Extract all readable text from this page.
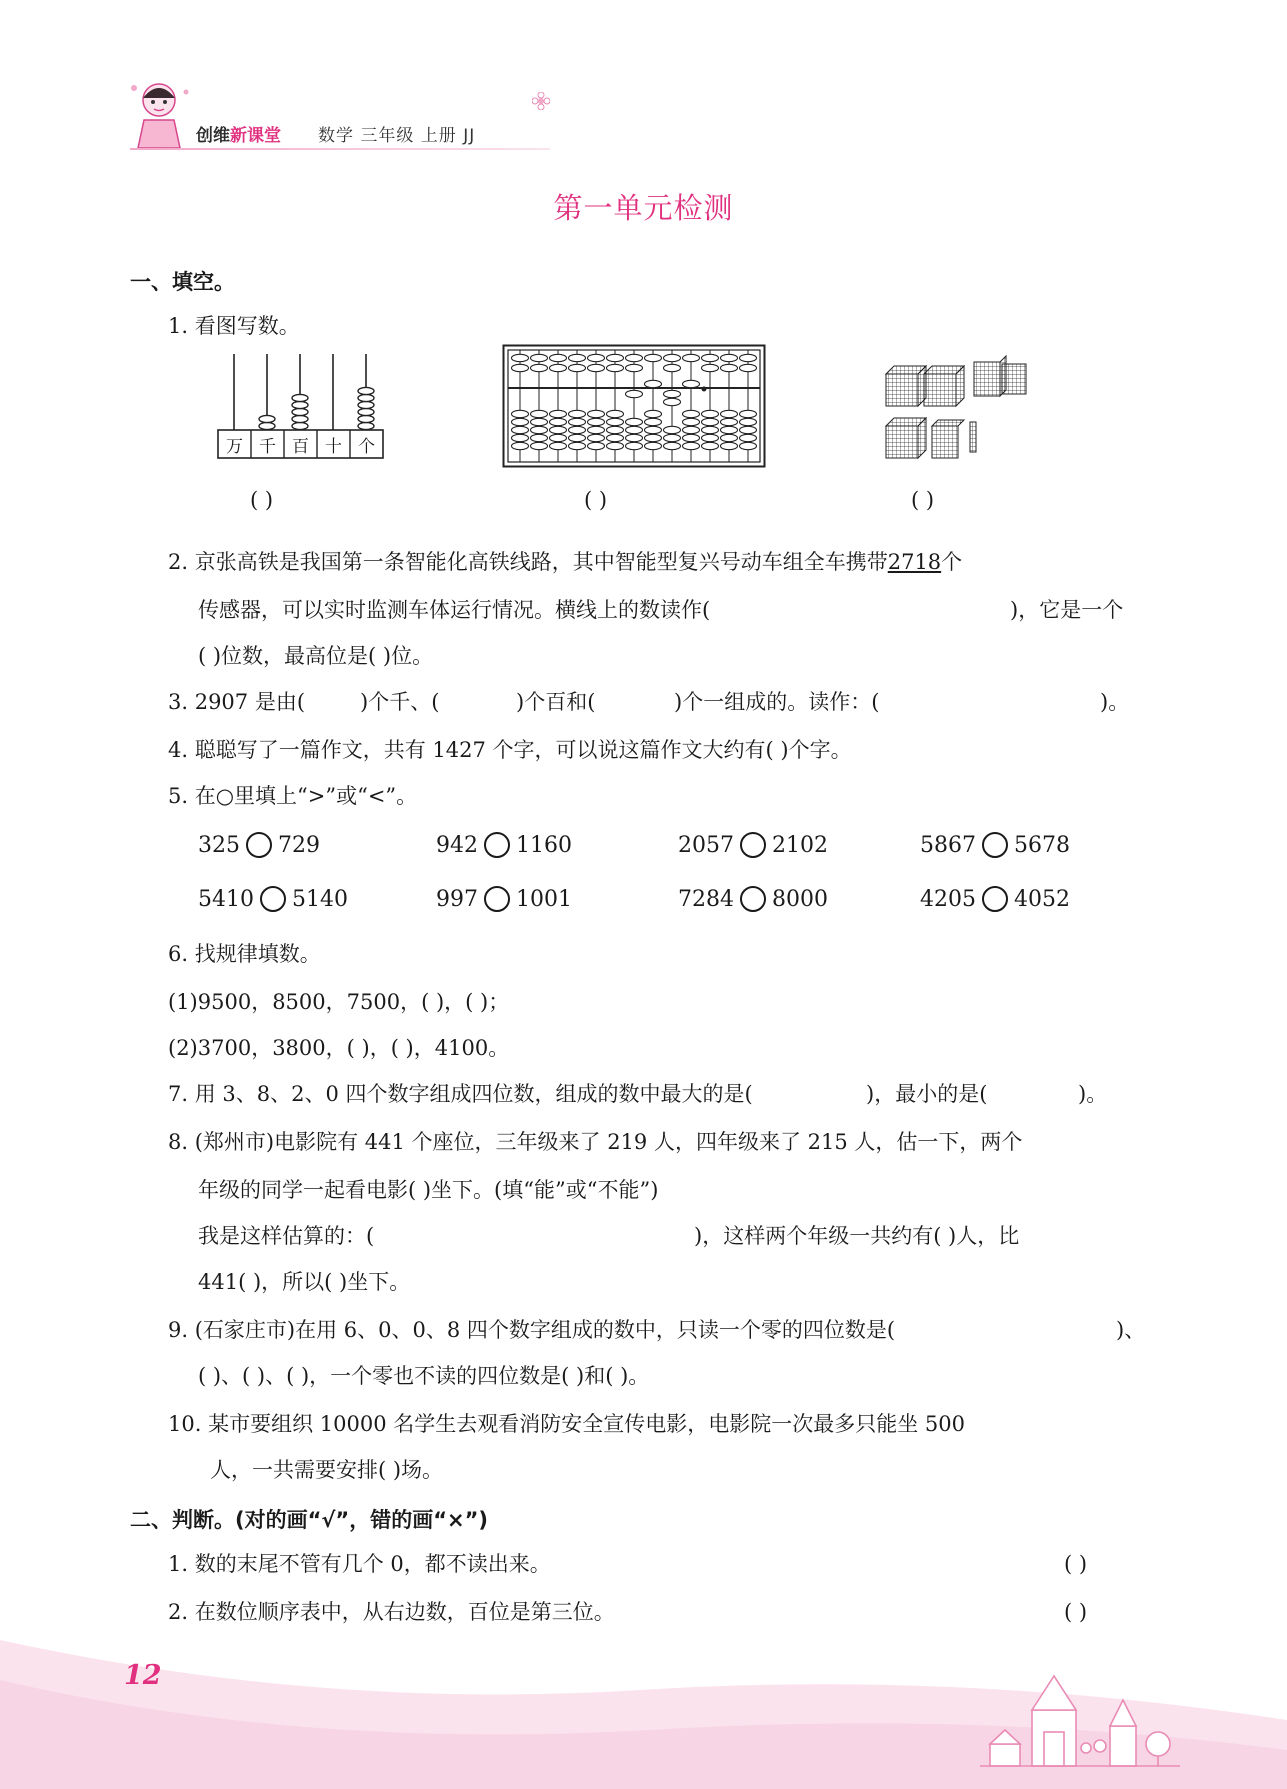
创维新课堂 数学 三年级 上册 JJ
第一单元检测
一、填空。
1. 看图写数。
万 千 百 十 个
( )	( )	( )
2. 京张高铁是我国第一条智能化高铁线路，其中智能型复兴号动车组全车携带2718个
传感器，可以实时监测车体运行情况。横线上的数读作(	)，它是一个
( )位数，最高位是( )位。
3. 2907 是由(	)个千、(	)个百和(	)个一组成的。读作：(	)。
4. 聪聪写了一篇作文，共有 1427 个字，可以说这篇作文大约有( )个字。
5. 在○里填上“>”或“<”。
325 729	942 1160	2057 2102	5867 5678
5410 5140	997 1001	7284 8000	4205 4052
6. 找规律填数。
(1)9500，8500，7500，( )，( )；
(2)3700，3800，( )，( )，4100。
7. 用 3、8、2、0 四个数字组成四位数，组成的数中最大的是(	)，最小的是(	)。
8. (郑州市)电影院有 441 个座位，三年级来了 219 人，四年级来了 215 人，估一下，两个
年级的同学一起看电影( )坐下。(填“能”或“不能”)
我是这样估算的：(	)，这样两个年级一共约有( )人，比
441( )，所以( )坐下。
9. (石家庄市)在用 6、0、0、8 四个数字组成的数中，只读一个零的四位数是(	)、
( )、( )、( )，一个零也不读的四位数是( )和( )。
10. 某市要组织 10000 名学生去观看消防安全宣传电影，电影院一次最多只能坐 500
人，一共需要安排( )场。
二、判断。(对的画“√”，错的画“×”)
1. 数的末尾不管有几个 0，都不读出来。	( )
2. 在数位顺序表中，从右边数，百位是第三位。	( )
12
